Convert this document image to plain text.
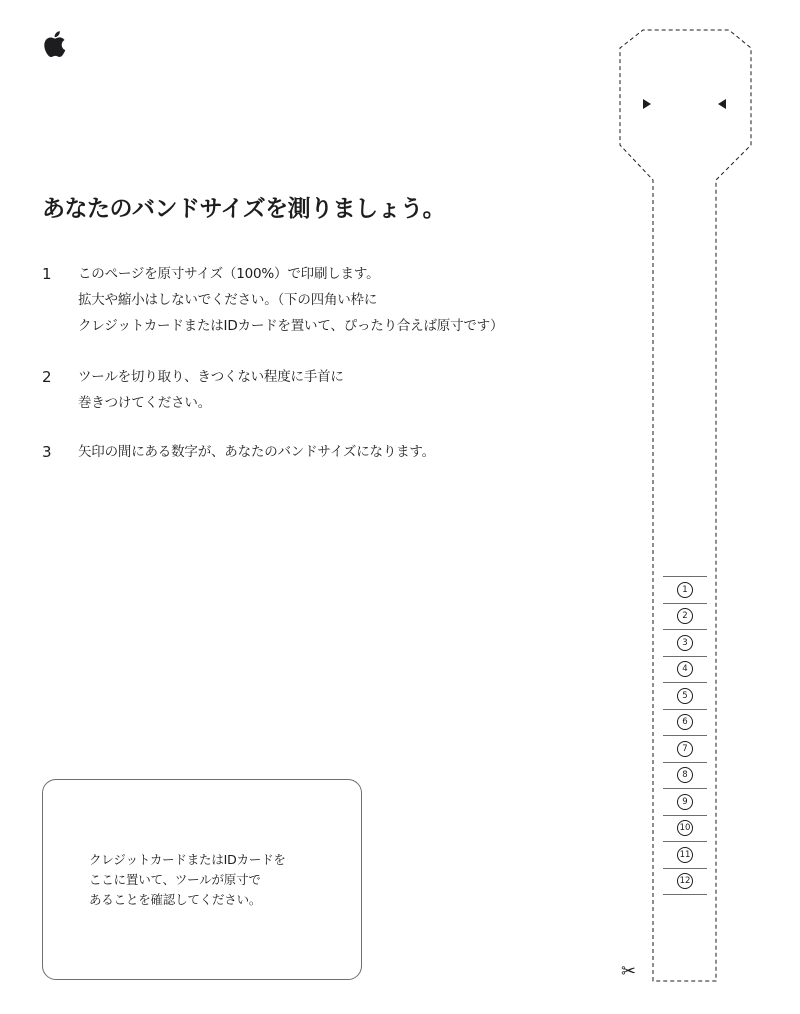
あなたのバンドサイズを測りましょう。
1	このページを原寸サイズ（100%）で印刷します。
拡大や縮小はしないでください。（下の四角い枠に
クレジットカードまたはIDカードを置いて、ぴったり合えば原寸です）
2	ツールを切り取り、きつくない程度に手首に
巻きつけてください。
3	矢印の間にある数字が、あなたのバンドサイズになります。
クレジットカードまたはIDカードを
ここに置いて、ツールが原寸で
あることを確認してください。
1
2
3
4
5
6
7
8
9
10
11
12
✂
